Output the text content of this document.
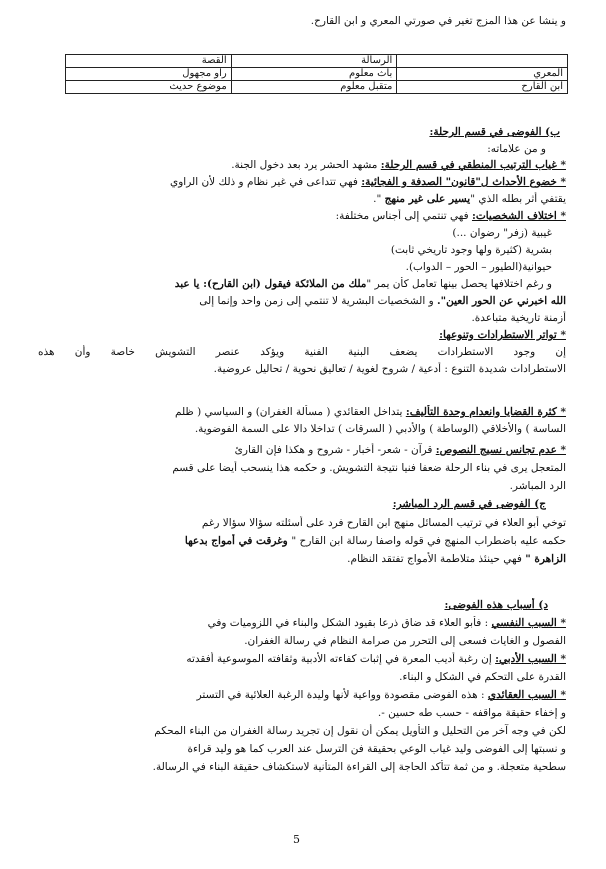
و ينشا عن هذا المزج تغير في صورتي المعري و ابن القارح.
	الرسالة	القصة
المعري	باث معلوم	راو مجهول
ابن القارح	متقبل معلوم	موضوع حديث
ب) الفوضى في قسم الرحلة:
و من علاماته:
* غياب الترتيب المنطقي في قسم الرحلة: مشهد الحشر يرد بعد دخول الجنة.
* خضوع الأحداث ل"قانون" الصدفة و الفجائية: فهي تتداعى في غير نظام و ذلك لأن الراوي
يقتفي أثر بطله الذي "يسير على غير منهج ".
* اختلاف الشخصيات: فهي تنتمي إلى أجناس مختلفة:
غيبية (زفر" رضوان ...)
بشرية (كثيرة ولها وجود تاريخي ثابت)
حيوانية(الطيور – الحور – الدواب).
و رغم اختلافها يحصل بينها تعامل كأن يمر "ملك من الملائكة فيقول (ابن القارح): يا عبد
الله اخبرني عن الحور العين". و الشخصيات البشرية لا تنتمي إلى زمن واحد وإنما إلى
أزمنة تاريخية متباعدة.
* تواتر الاستطرادات وتنوعها:
إن وجود الاستطرادات يضعف البنية الفنية ويؤكد عنصر التشويش خاصة وأن هذه
الاستطرادات شديدة التنوع : أدعية / شروح لغوية / تعاليق نحوية / تحاليل عروضية.
* كثرة القضايا وانعدام وحدة التأليف: يتداخل العقائدي ( مسألة الغفران) و السياسي ( ظلم
الساسة ) والأخلاقي (الوساطة ) والأدبي ( السرقات ) تداخلا دالا على السمة الفوضوية.
* عدم تجانس نسيج النصوص: قرآن - شعر- أخبار - شروح و هكذا فإن القارئ
المتعجل يرى في بناء الرحلة ضعفا فنيا نتيجة التشويش. و حكمه هذا ينسحب أيضا على قسم
الرد المباشر.
ج) الفوضى في قسم الرد المباشر:
توخي أبو العلاء في ترتيب المسائل منهج ابن القارح فرد على أسئلته سؤالا سؤالا رغم
حكمه عليه باضطراب المنهج في قوله واصفا رسالة ابن القارح " وغرقت في أمواج بدعها
الزاهرة " فهي حينئذ متلاطمة الأمواج تفتقد النظام.
د) أسباب هذه الفوضى:
* السبب النفسي : فأبو العلاء قد ضاق ذرعا بقيود الشكل والبناء في اللزوميات وفي
الفصول و الغايات فسعى إلى التحرر من صرامة النظام في رسالة الغفران.
* السبب الأدبي: إن رغبة أديب المعرة في إثبات كفاءته الأدبية وثقافته الموسوعية أفقدته
القدرة على التحكم في الشكل و البناء.
* السبب العقائدي : هذه الفوضى مقصودة وواعية لأنها وليدة الرغبة العلائية في التستر
و إخفاء حقيقة مواقفه - حسب طه حسين -.
لكن في وجه آخر من التحليل و التأويل يمكن أن نقول إن تجريد رسالة الغفران من البناء المحكم
و نسبتها إلى الفوضى وليد غياب الوعي بحقيقة فن الترسل عند العرب كما هو وليد قراءة
سطحية متعجلة. و من ثمة تتأكد الحاجة إلى القراءة المتأنية لاستكشاف حقيقة البناء في الرسالة.
5
